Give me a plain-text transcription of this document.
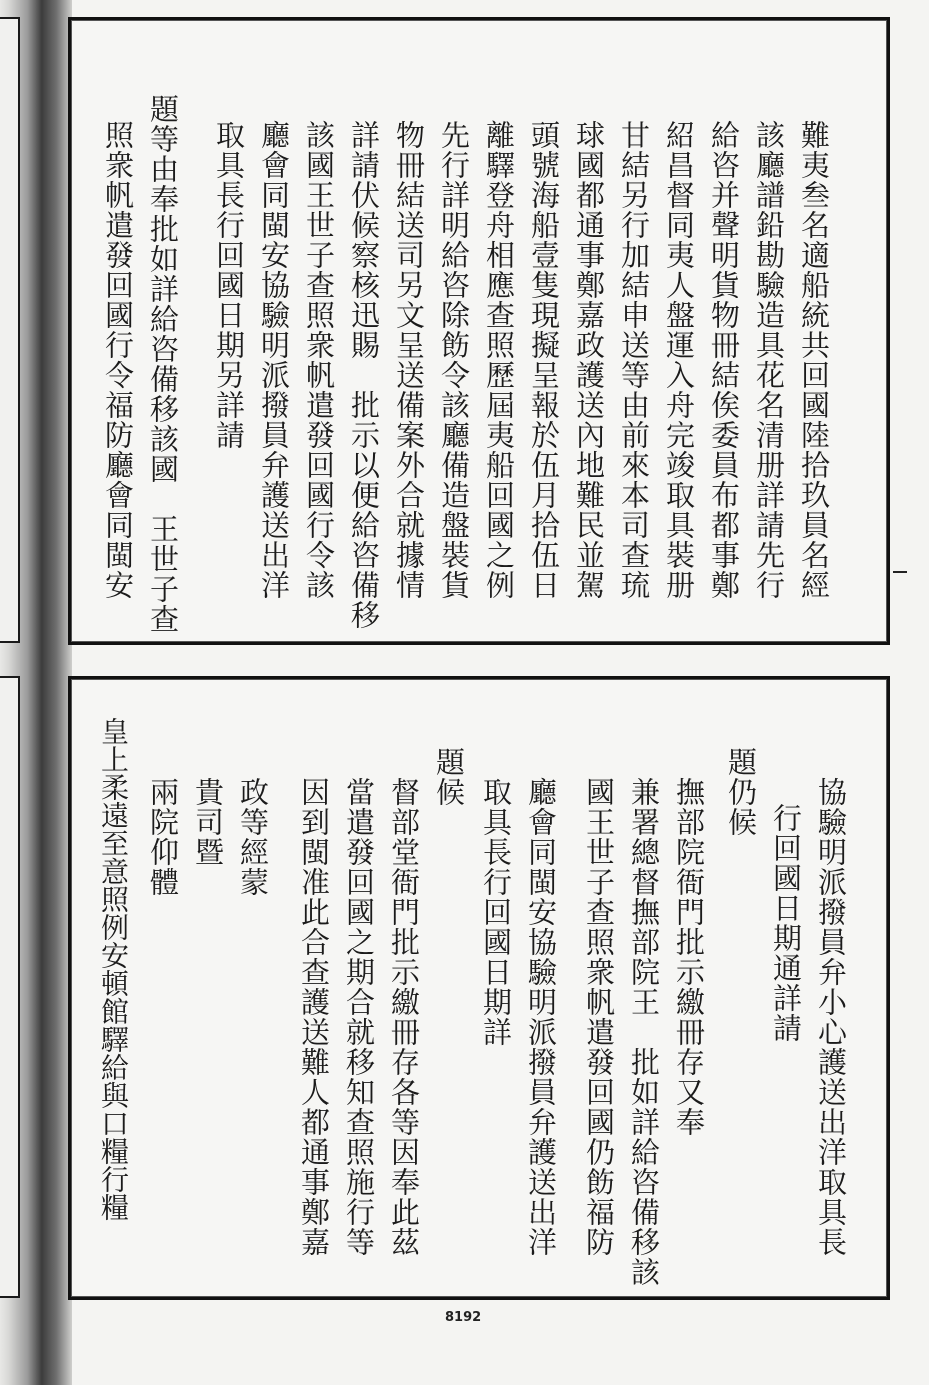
難夷叁名適船統共回國陸拾玖員名經
該廳譜鉛勘驗造具花名清册詳請先行
給咨并聲明貨物冊結俟委員布都事鄭
紹昌督同夷人盤運入舟完竣取具裝册
甘結另行加結申送等由前來本司查琉
球國都通事鄭嘉政護送內地難民並駕
頭號海船壹隻現擬呈報於伍月拾伍日
離驛登舟相應查照歷屆夷船回國之例
先行詳明給咨除飭令該廳備造盤裝貨
物冊結送司另文呈送備案外合就據情
詳請伏候察核迅賜　批示以便給咨備移
該國王世子查照衆帆遣發回國行令該
廳會同閩安協驗明派撥員弁護送出洋
取具長行回國日期另詳請
題等由奉批如詳給咨備移該國　王世子查
照衆帆遣發回國行令福防廳會同閩安
協驗明派撥員弁小心護送出洋取具長
行回國日期通詳請
題仍候
撫部院衙門批示繳冊存又奉
兼署總督撫部院王　批如詳給咨備移該
國王世子查照衆帆遣發回國仍飭福防
廳會同閩安協驗明派撥員弁護送出洋
取具長行回國日期詳
題候
督部堂衙門批示繳冊存各等因奉此茲
當遣發回國之期合就移知查照施行等
因到閩准此合查護送難人都通事鄭嘉
政等經蒙
貴司暨
兩院仰體
皇上柔遠至意照例安頓館驛給與口糧行糧
8192
